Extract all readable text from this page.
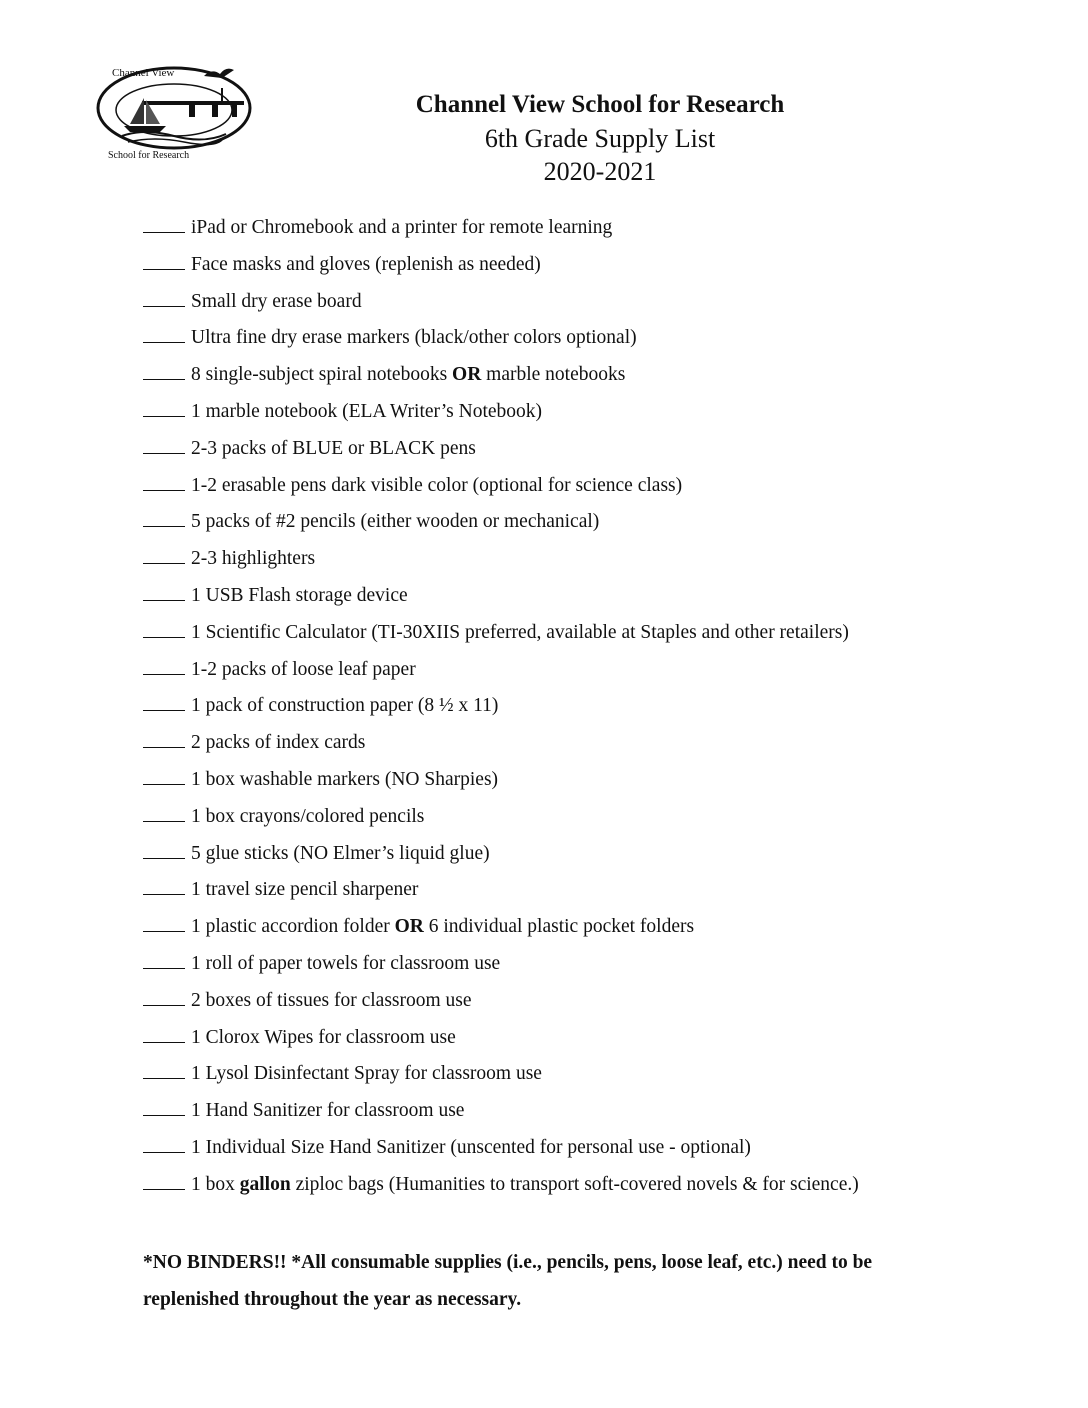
Channel View
School for Research
Channel View School for Research
6th Grade Supply List
2020-2021
iPad or Chromebook and a printer for remote learning
Face masks and gloves (replenish as needed)
Small dry erase board
Ultra fine dry erase markers (black/other colors optional)
8 single-subject spiral notebooks OR marble notebooks
1 marble notebook (ELA Writer’s Notebook)
2-3 packs of BLUE or BLACK pens
1-2 erasable pens dark visible color (optional for science class)
5 packs of #2 pencils (either wooden or mechanical)
2-3 highlighters
1 USB Flash storage device
1 Scientific Calculator (TI-30XIIS preferred, available at Staples and other retailers)
1-2 packs of loose leaf paper
1 pack of construction paper (8 ½ x 11)
2 packs of index cards
1 box washable markers (NO Sharpies)
1 box crayons/colored pencils
5 glue sticks (NO Elmer’s liquid glue)
1 travel size pencil sharpener
1 plastic accordion folder OR 6 individual plastic pocket folders
1 roll of paper towels for classroom use
2 boxes of tissues for classroom use
1 Clorox Wipes for classroom use
1 Lysol Disinfectant Spray for classroom use
1 Hand Sanitizer for classroom use
1 Individual Size Hand Sanitizer (unscented for personal use - optional)
1 box gallon ziploc bags (Humanities to transport soft-covered novels & for science.)
*NO BINDERS!! *All consumable supplies (i.e., pencils, pens, loose leaf, etc.) need to be
replenished throughout the year as necessary.
